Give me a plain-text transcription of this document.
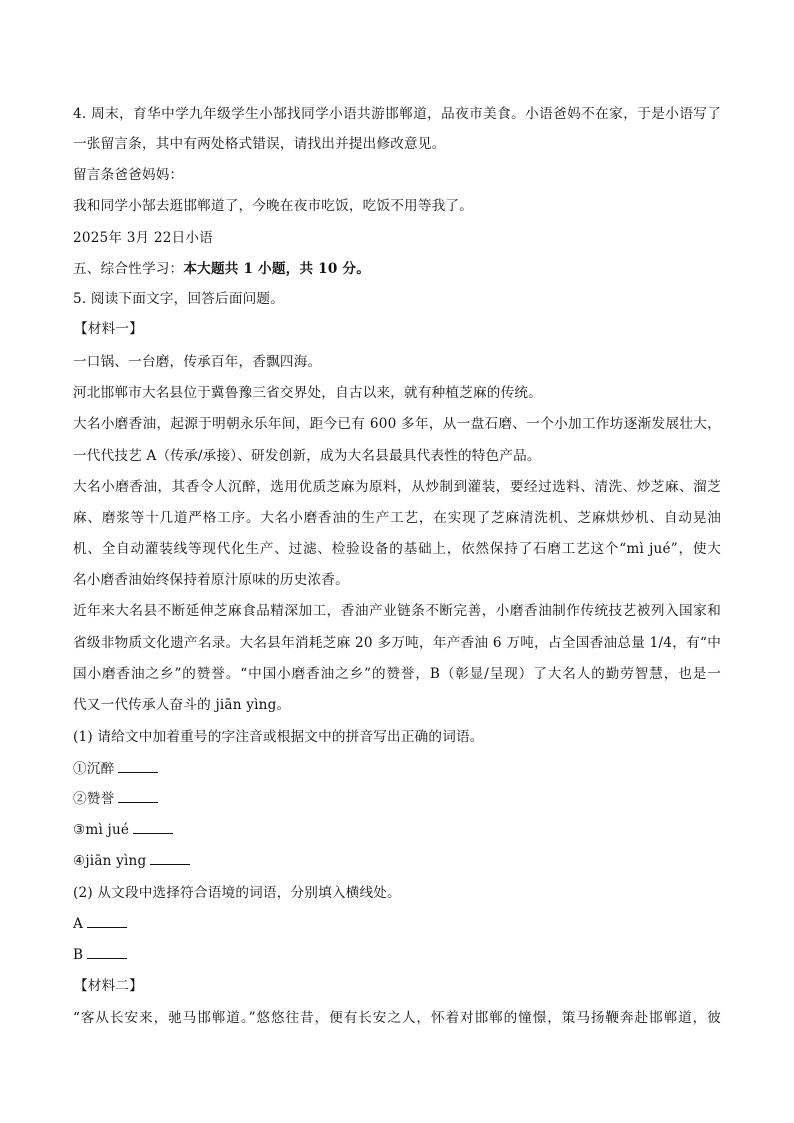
4. 周末，育华中学九年级学生小郜找同学小语共游邯郸道，品夜市美食。小语爸妈不在家，于是小语写了
一张留言条，其中有两处格式错误，请找出并提出修改意见。
留言条爸爸妈妈：
我和同学小郜去逛邯郸道了，今晚在夜市吃饭，吃饭不用等我了。
2025年 3月 22日小语
五、综合性学习：本大题共 1 小题，共 10 分。
5. 阅读下面文字，回答后面问题。
【材料一】
一口锅、一台磨，传承百年，香飘四海。
河北邯郸市大名县位于冀鲁豫三省交界处，自古以来，就有种植芝麻的传统。
大名小磨香油，起源于明朝永乐年间，距今已有 600 多年，从一盘石磨、一个小加工作坊逐渐发展壮大，
一代代技艺 A（传承/承接）、研发创新，成为大名县最具代表性的特色产品。
大名小磨香油，其香令人沉醉，选用优质芝麻为原料，从炒制到灌装，要经过选料、清洗、炒芝麻、溜芝
麻、磨浆等十几道严格工序。大名小磨香油的生产工艺，在实现了芝麻清洗机、芝麻烘炒机、自动晃油
机、全自动灌装线等现代化生产、过滤、检验设备的基础上，依然保持了石磨工艺这个“mì jué”，使大
名小磨香油始终保持着原汁原味的历史浓香。
近年来大名县不断延伸芝麻食品精深加工，香油产业链条不断完善，小磨香油制作传统技艺被列入国家和
省级非物质文化遗产名录。大名县年消耗芝麻 20 多万吨，年产香油 6 万吨，占全国香油总量 1/4，有“中
国小磨香油之乡”的赞誉。“中国小磨香油之乡”的赞誉，B（彰显/呈现）了大名人的勤劳智慧，也是一
代又一代传承人奋斗的 jiān yìng。
(1) 请给文中加着重号的字注音或根据文中的拼音写出正确的词语。
①沉醉
②赞誉
③mì jué
④jiān yìng
(2) 从文段中选择符合语境的词语，分别填入横线处。
A
B
【材料二】
“客从长安来，驰马邯郸道。”悠悠往昔，便有长安之人，怀着对邯郸的憧憬，策马扬鞭奔赴邯郸道，彼
